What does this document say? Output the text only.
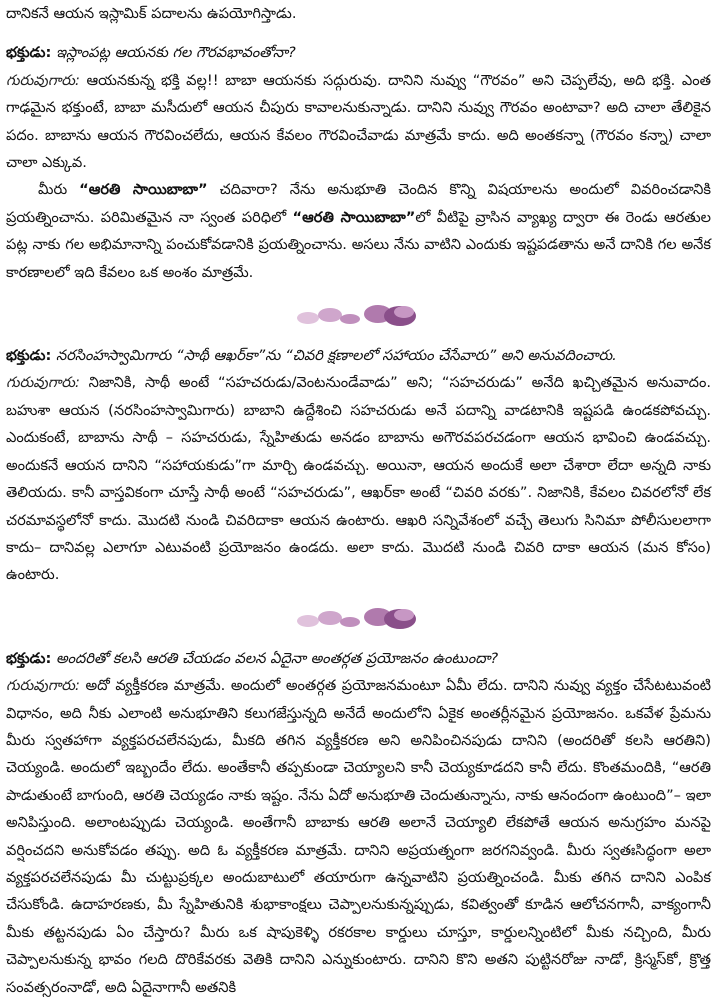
దానికనే ఆయన ఇస్లామిక్ పదాలను ఉపయోగిస్తాడు.

భక్తుడు: ఇస్లాంపట్ల ఆయనకు గల గౌరవభావంతోనా?

గురువుగారు: ఆయనకున్న భక్తి వల్ల!! బాబా ఆయనకు సద్గురువు. దానిని నువ్వు “గౌరవం” అని చెప్పలేవు, అది భక్తి. ఎంత గాఢమైన భక్తుంటే, బాబా మసీదులో ఆయన చీపురు కావాలనుకున్నాడు. దానిని నువ్వు గౌరవం అంటావా? అది చాలా తేలికైన పదం. బాబాను ఆయన గౌరవించలేదు, ఆయన కేవలం గౌరవించేవాడు మాత్రమే కాదు. అది అంతకన్నా (గౌరవం కన్నా) చాలా చాలా ఎక్కువ.

మీరు “ఆరతి సాయిబాబా” చదివారా? నేను అనుభూతి చెందిన కొన్ని విషయాలను అందులో వివరించడానికి ప్రయత్నించాను. పరిమితమైన నా స్వంత పరిధిలో “ఆరతి సాయిబాబా”లో వీటిపై వ్రాసిన వ్యాఖ్య ద్వారా ఈ రెండు ఆరతుల పట్ల నాకు గల అభిమానాన్ని పంచుకోవడానికి ప్రయత్నించాను. అసలు నేను వాటిని ఎందుకు ఇష్టపడతాను అనే దానికి గల అనేక కారణాలలో ఇది కేవలం ఒక అంశం మాత్రమే.

భక్తుడు: నరసింహస్వామిగారు “సాథీ ఆఖర్‌కా”ను “చివరి క్షణాలలో సహాయం చేసేవారు” అని అనువదించారు.

గురువుగారు: నిజానికి, సాథీ అంటే “సహచరుడు/వెంటనుండేవాడు” అని; “సహచరుడు” అనేది ఖచ్చితమైన అనువాదం. బహుశా ఆయన (నరసింహస్వామిగారు) బాబాని ఉద్దేశించి సహచరుడు అనే పదాన్ని వాడటానికి ఇష్టపడి ఉండకపోవచ్చు. ఎందుకంటే, బాబాను సాథీ – సహచరుడు, స్నేహితుడు అనడం బాబాను అగౌరవపరచడంగా ఆయన భావించి ఉండవచ్చు. అందుకనే ఆయన దానిని “సహాయకుడు”గా మార్చి ఉండవచ్చు. అయినా, ఆయన అందుకే అలా చేశారా లేదా అన్నది నాకు తెలియదు. కానీ వాస్తవికంగా చూస్తే సాథీ అంటే “సహచరుడు”, ఆఖర్‌కా అంటే “చివరి వరకు”. నిజానికి, కేవలం చివరలోనో లేక చరమావస్థలోనో కాదు. మొదటి నుండి చివరిదాకా ఆయన ఉంటారు. ఆఖరి సన్నివేశంలో వచ్చే తెలుగు సినిమా పోలీసులలాగా కాదు– దానివల్ల ఎలాగూ ఎటువంటి ప్రయోజనం ఉండదు. అలా కాదు. మొదటి నుండి చివరి దాకా ఆయన (మన కోసం) ఉంటారు.

భక్తుడు: అందరితో కలసి ఆరతి చేయడం వలన ఏదైనా అంతర్గత ప్రయోజనం ఉంటుందా?

గురువుగారు: అదో వ్యక్తీకరణ మాత్రమే. అందులో అంతర్గత ప్రయోజనమంటూ ఏమీ లేదు. దానిని నువ్వు వ్యక్తం చేసేటటువంటి విధానం, అది నీకు ఎలాంటి అనుభూతిని కలుగజేస్తున్నది అనేదే అందులోని ఏకైక అంతర్లీనమైన ప్రయోజనం. ఒకవేళ ప్రేమను మీరు స్వతహాగా వ్యక్తపరచలేనపుడు, మీకది తగిన వ్యక్తీకరణ అని అనిపించినపుడు దానిని (అందరితో కలసి ఆరతిని) చెయ్యండి. అందులో ఇబ్బందేం లేదు. అంతేకానీ తప్పకుండా చెయ్యాలని కానీ చెయ్యకూడదని కానీ లేదు. కొంతమందికి, “ఆరతి పాడుతుంటే బాగుంది, ఆరతి చెయ్యడం నాకు ఇష్టం. నేను ఏదో అనుభూతి చెందుతున్నాను, నాకు ఆనందంగా ఉంటుంది”– ఇలా అనిపిస్తుంది. అలాంటప్పుడు చెయ్యండి. అంతేగానీ బాబాకు ఆరతి అలానే చెయ్యాలి లేకపోతే ఆయన అనుగ్రహం మనపై వర్షించదని అనుకోవడం తప్పు. అది ఓ వ్యక్తీకరణ మాత్రమే. దానిని అప్రయత్నంగా జరగనివ్వండి. మీరు స్వతఃసిద్ధంగా అలా వ్యక్తపరచలేనపుడు మీ చుట్టుప్రక్కల అందుబాటులో తయారుగా ఉన్నవాటిని ప్రయత్నించండి. మీకు తగిన దానిని ఎంపిక చేసుకోండి. ఉదాహరణకు, మీ స్నేహితునికి శుభాకాంక్షలు చెప్పాలనుకున్నప్పుడు, కవిత్వంతో కూడిన ఆలోచనగానీ, వాక్యంగానీ మీకు తట్టనపుడు ఏం చేస్తారు? మీరు ఒక షాపుకెళ్ళి రకరకాల కార్డులు చూస్తూ, కార్డులన్నింటిలో మీకు నచ్చింది, మీరు చెప్పాలనుకున్న భావం గలది దొరికేవరకు వెతికి దానిని ఎన్నుకుంటారు. దానిని కొని అతని పుట్టినరోజు నాడో, క్రిస్మస్‌కో, క్రొత్త సంవత్సరంనాడో, అది ఏదైనాగానీ అతనికి
